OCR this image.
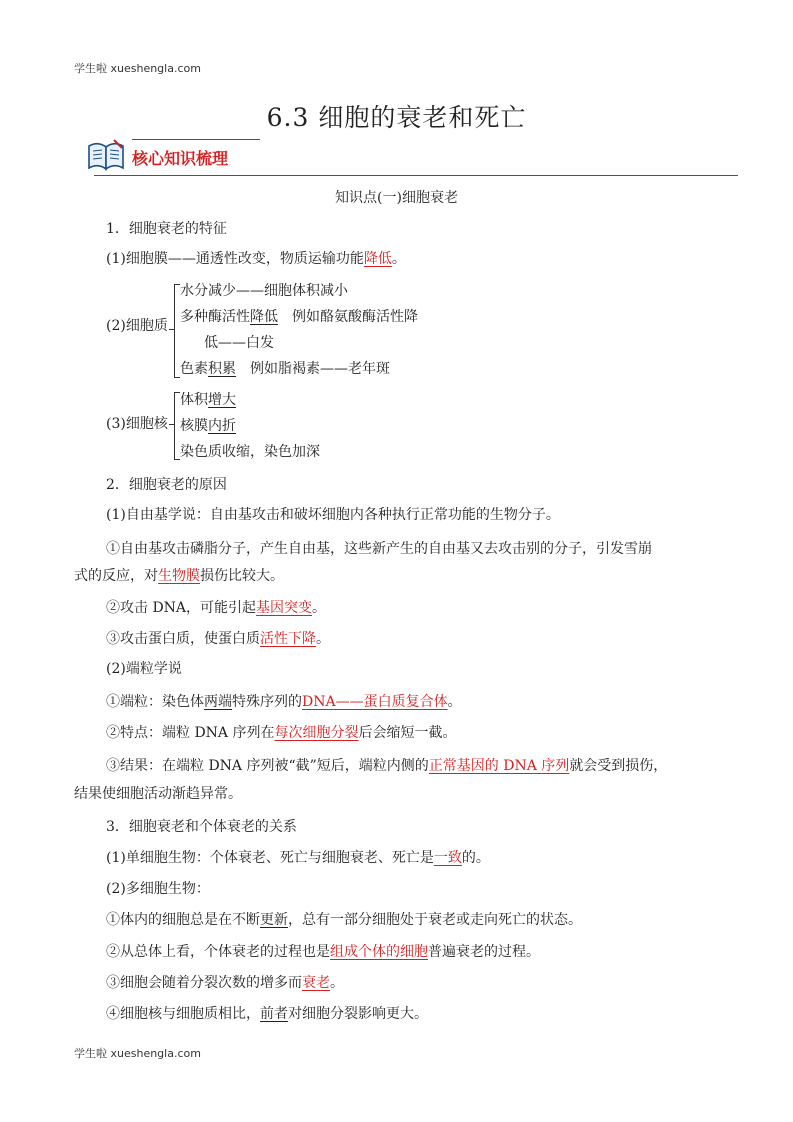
学生啦 xueshengla.com
6.3 细胞的衰老和死亡
核心知识梳理
知识点(一)细胞衰老
1．细胞衰老的特征
(1)细胞膜——通透性改变，物质运输功能降低。
(2)细胞质
水分减少——细胞体积减小
多种酶活性降低　例如酪氨酸酶活性降
低——白发
色素积累　例如脂褐素——老年斑
(3)细胞核
体积增大
核膜内折
染色质收缩，染色加深
2．细胞衰老的原因
(1)自由基学说：自由基攻击和破坏细胞内各种执行正常功能的生物分子。
①自由基攻击磷脂分子，产生自由基，这些新产生的自由基又去攻击别的分子，引发雪崩
式的反应，对生物膜损伤比较大。
②攻击 DNA，可能引起基因突变。
③攻击蛋白质，使蛋白质活性下降。
(2)端粒学说
①端粒：染色体两端特殊序列的DNA——蛋白质复合体。
②特点：端粒 DNA 序列在每次细胞分裂后会缩短一截。
③结果：在端粒 DNA 序列被“截”短后，端粒内侧的正常基因的 DNA 序列就会受到损伤，
结果使细胞活动渐趋异常。
3．细胞衰老和个体衰老的关系
(1)单细胞生物：个体衰老、死亡与细胞衰老、死亡是一致的。
(2)多细胞生物：
①体内的细胞总是在不断更新，总有一部分细胞处于衰老或走向死亡的状态。
②从总体上看，个体衰老的过程也是组成个体的细胞普遍衰老的过程。
③细胞会随着分裂次数的增多而衰老。
④细胞核与细胞质相比，前者对细胞分裂影响更大。
学生啦 xueshengla.com
